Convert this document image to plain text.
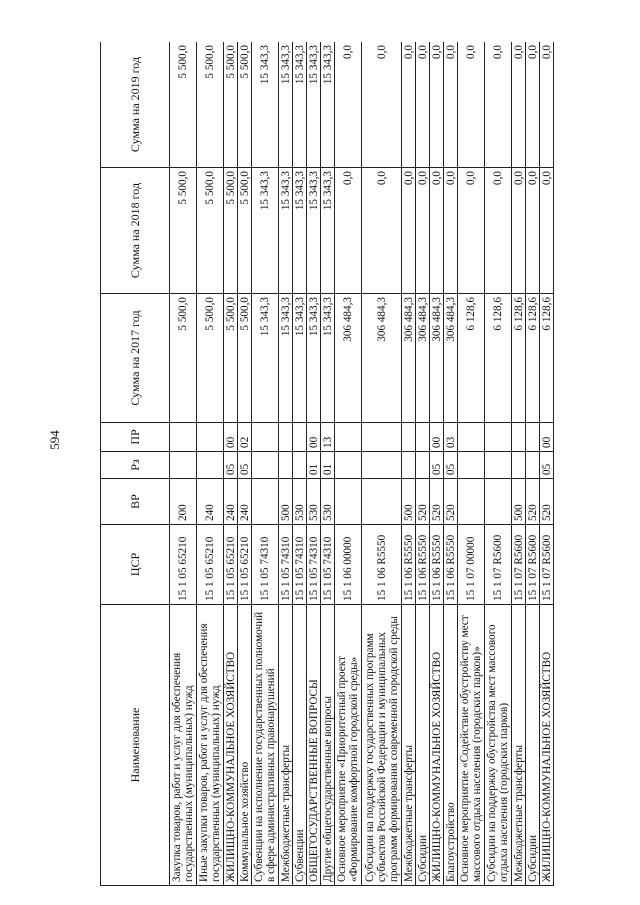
594
Наименование	ЦСР	ВР	Рз	ПР	Сумма на 2017 год	Сумма на 2018 год	Сумма на 2019 год
Закупка товаров, работ и услуг для обеспечения государственных (муниципальных) нужд	15 1 05 65210	200			5 500,0	5 500,0	5 500,0
Иные закупки товаров, работ и услуг для обеспечения государственных (муниципальных) нужд	15 1 05 65210	240			5 500,0	5 500,0	5 500,0
ЖИЛИЩНО-КОММУНАЛЬНОЕ ХОЗЯЙСТВО	15 1 05 65210	240	05	00	5 500,0	5 500,0	5 500,0
Коммунальное хозяйство	15 1 05 65210	240	05	02	5 500,0	5 500,0	5 500,0
Субвенции на исполнение государственных полномочий в сфере административных правонарушений	15 1 05 74310				15 343,3	15 343,3	15 343,3
Межбюджетные трансферты	15 1 05 74310	500			15 343,3	15 343,3	15 343,3
Субвенции	15 1 05 74310	530			15 343,3	15 343,3	15 343,3
ОБЩЕГОСУДАРСТВЕННЫЕ ВОПРОСЫ	15 1 05 74310	530	01	00	15 343,3	15 343,3	15 343,3
Другие общегосударственные вопросы	15 1 05 74310	530	01	13	15 343,3	15 343,3	15 343,3
Основное мероприятие «Приоритетный проект «Формирование комфортной городской среды»	15 1 06 00000				306 484,3	0,0	0,0
Субсидии на поддержку государственных программ субъектов Российской Федерации и муниципальных программ формирования современной городской среды	15 1 06 R5550				306 484,3	0,0	0,0
Межбюджетные трансферты	15 1 06 R5550	500			306 484,3	0,0	0,0
Субсидии	15 1 06 R5550	520			306 484,3	0,0	0,0
ЖИЛИЩНО-КОММУНАЛЬНОЕ ХОЗЯЙСТВО	15 1 06 R5550	520	05	00	306 484,3	0,0	0,0
Благоустройство	15 1 06 R5550	520	05	03	306 484,3	0,0	0,0
Основное мероприятие «Содействие обустройству мест массового отдыха населения (городских парков)»	15 1 07 00000				6 128,6	0,0	0,0
Субсидии на поддержку обустройства мест массового отдыха населения (городских парков)	15 1 07 R5600				6 128,6	0,0	0,0
Межбюджетные трансферты	15 1 07 R5600	500			6 128,6	0,0	0,0
Субсидии	15 1 07 R5600	520			6 128,6	0,0	0,0
ЖИЛИЩНО-КОММУНАЛЬНОЕ ХОЗЯЙСТВО	15 1 07 R5600	520	05	00	6 128,6	0,0	0,0
